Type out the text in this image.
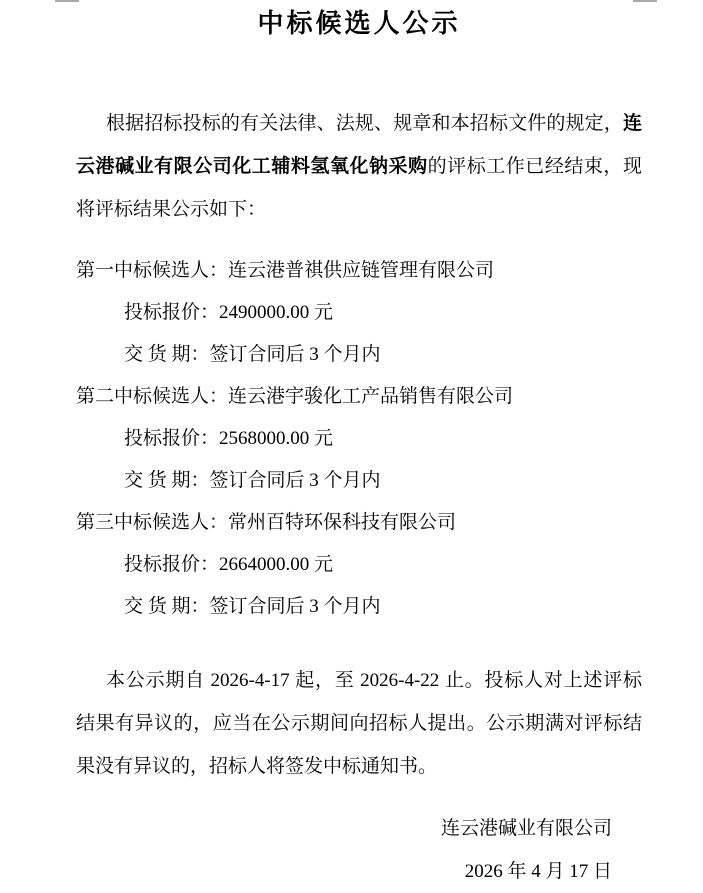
中标候选人公示

根据招标投标的有关法律、法规、规章和本招标文件的规定，连云港碱业有限公司化工辅料氢氧化钠采购的评标工作已经结束，现将评标结果公示如下：

第一中标候选人：连云港普祺供应链管理有限公司
投标报价：2490000.00 元
交 货 期：签订合同后 3 个月内
第二中标候选人：连云港宇骏化工产品销售有限公司
投标报价：2568000.00 元
交 货 期：签订合同后 3 个月内
第三中标候选人：常州百特环保科技有限公司
投标报价：2664000.00 元
交 货 期：签订合同后 3 个月内

本公示期自 2026-4-17 起，至 2026-4-22 止。投标人对上述评标结果有异议的，应当在公示期间向招标人提出。公示期满对评标结果没有异议的，招标人将签发中标通知书。

连云港碱业有限公司
2026 年 4 月 17 日
